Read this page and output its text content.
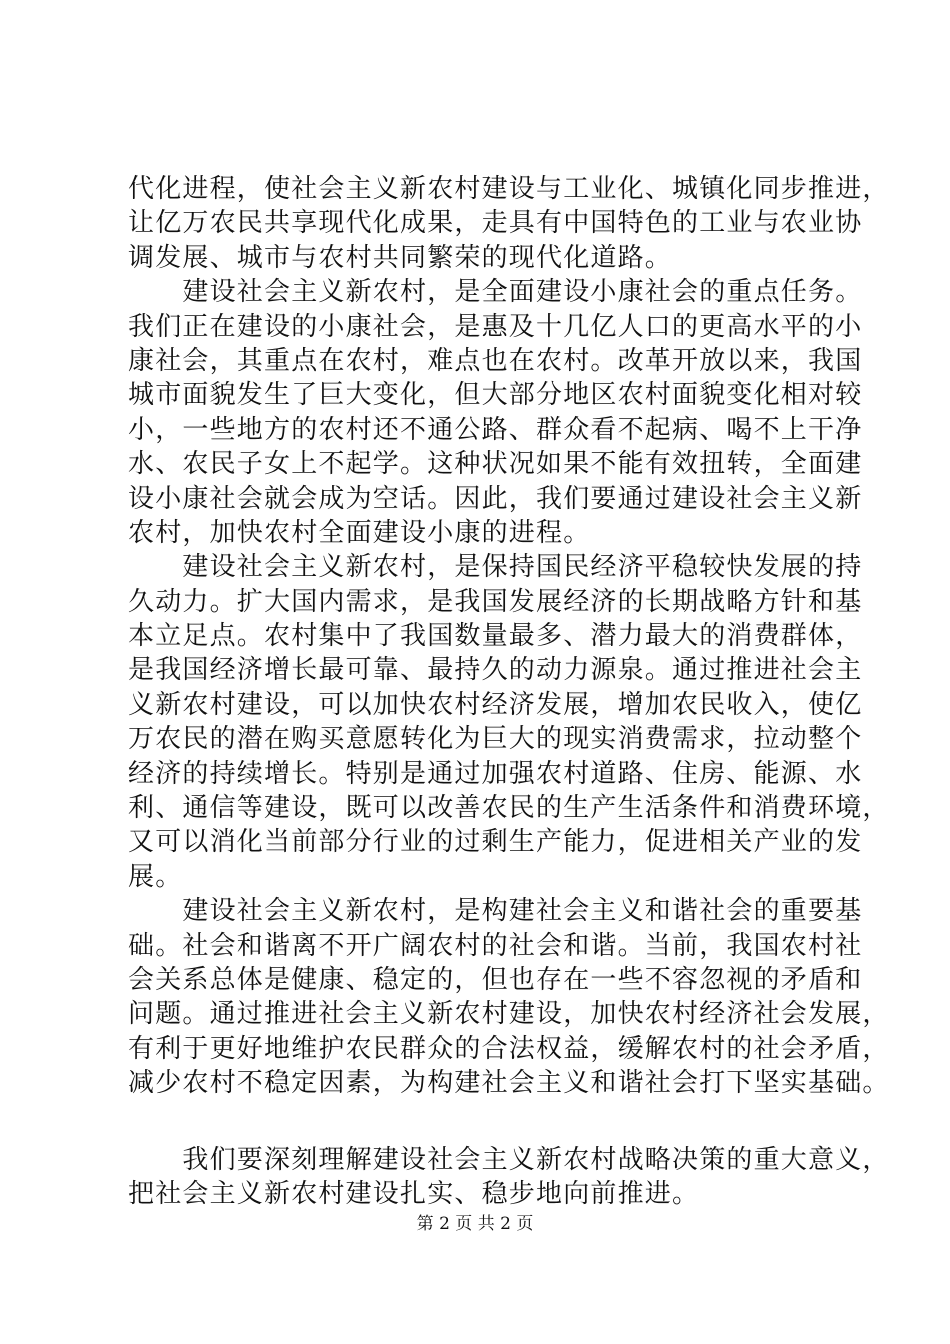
代化进程，使社会主义新农村建设与工业化、城镇化同步推进，
让亿万农民共享现代化成果，走具有中国特色的工业与农业协
调发展、城市与农村共同繁荣的现代化道路。
　　建设社会主义新农村，是全面建设小康社会的重点任务。
我们正在建设的小康社会，是惠及十几亿人口的更高水平的小
康社会，其重点在农村，难点也在农村。改革开放以来，我国
城市面貌发生了巨大变化，但大部分地区农村面貌变化相对较
小，一些地方的农村还不通公路、群众看不起病、喝不上干净
水、农民子女上不起学。这种状况如果不能有效扭转，全面建
设小康社会就会成为空话。因此，我们要通过建设社会主义新
农村，加快农村全面建设小康的进程。
　　建设社会主义新农村，是保持国民经济平稳较快发展的持
久动力。扩大国内需求，是我国发展经济的长期战略方针和基
本立足点。农村集中了我国数量最多、潜力最大的消费群体，
是我国经济增长最可靠、最持久的动力源泉。通过推进社会主
义新农村建设，可以加快农村经济发展，增加农民收入，使亿
万农民的潜在购买意愿转化为巨大的现实消费需求，拉动整个
经济的持续增长。特别是通过加强农村道路、住房、能源、水
利、通信等建设，既可以改善农民的生产生活条件和消费环境，
又可以消化当前部分行业的过剩生产能力，促进相关产业的发
展。
　　建设社会主义新农村，是构建社会主义和谐社会的重要基
础。社会和谐离不开广阔农村的社会和谐。当前，我国农村社
会关系总体是健康、稳定的，但也存在一些不容忽视的矛盾和
问题。通过推进社会主义新农村建设，加快农村经济社会发展，
有利于更好地维护农民群众的合法权益，缓解农村的社会矛盾，
减少农村不稳定因素，为构建社会主义和谐社会打下坚实基础。
　　我们要深刻理解建设社会主义新农村战略决策的重大意义，
把社会主义新农村建设扎实、稳步地向前推进。
第 2 页 共 2 页
